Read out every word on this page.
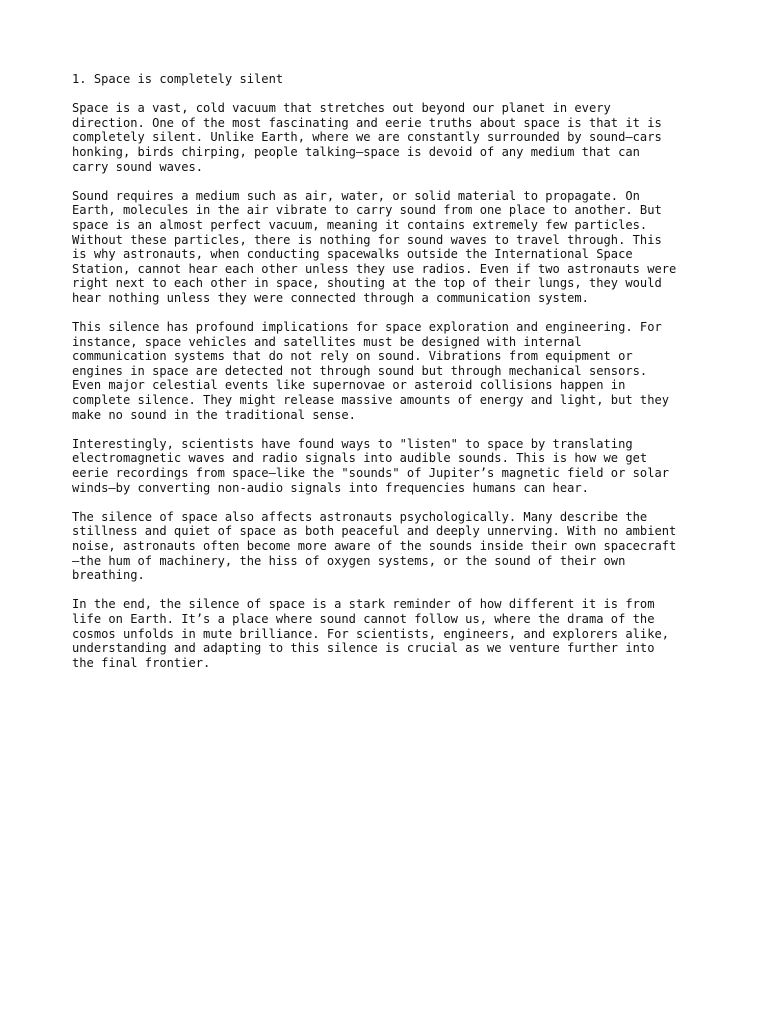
1. Space is completely silent
Space is a vast, cold vacuum that stretches out beyond our planet in every
direction. One of the most fascinating and eerie truths about space is that it is
completely silent. Unlike Earth, where we are constantly surrounded by sound—cars
honking, birds chirping, people talking—space is devoid of any medium that can
carry sound waves.
Sound requires a medium such as air, water, or solid material to propagate. On
Earth, molecules in the air vibrate to carry sound from one place to another. But
space is an almost perfect vacuum, meaning it contains extremely few particles.
Without these particles, there is nothing for sound waves to travel through. This
is why astronauts, when conducting spacewalks outside the International Space
Station, cannot hear each other unless they use radios. Even if two astronauts were
right next to each other in space, shouting at the top of their lungs, they would
hear nothing unless they were connected through a communication system.
This silence has profound implications for space exploration and engineering. For
instance, space vehicles and satellites must be designed with internal
communication systems that do not rely on sound. Vibrations from equipment or
engines in space are detected not through sound but through mechanical sensors.
Even major celestial events like supernovae or asteroid collisions happen in
complete silence. They might release massive amounts of energy and light, but they
make no sound in the traditional sense.
Interestingly, scientists have found ways to "listen" to space by translating
electromagnetic waves and radio signals into audible sounds. This is how we get
eerie recordings from space—like the "sounds" of Jupiter’s magnetic field or solar
winds—by converting non-audio signals into frequencies humans can hear.
The silence of space also affects astronauts psychologically. Many describe the
stillness and quiet of space as both peaceful and deeply unnerving. With no ambient
noise, astronauts often become more aware of the sounds inside their own spacecraft
—the hum of machinery, the hiss of oxygen systems, or the sound of their own
breathing.
In the end, the silence of space is a stark reminder of how different it is from
life on Earth. It’s a place where sound cannot follow us, where the drama of the
cosmos unfolds in mute brilliance. For scientists, engineers, and explorers alike,
understanding and adapting to this silence is crucial as we venture further into
the final frontier.
